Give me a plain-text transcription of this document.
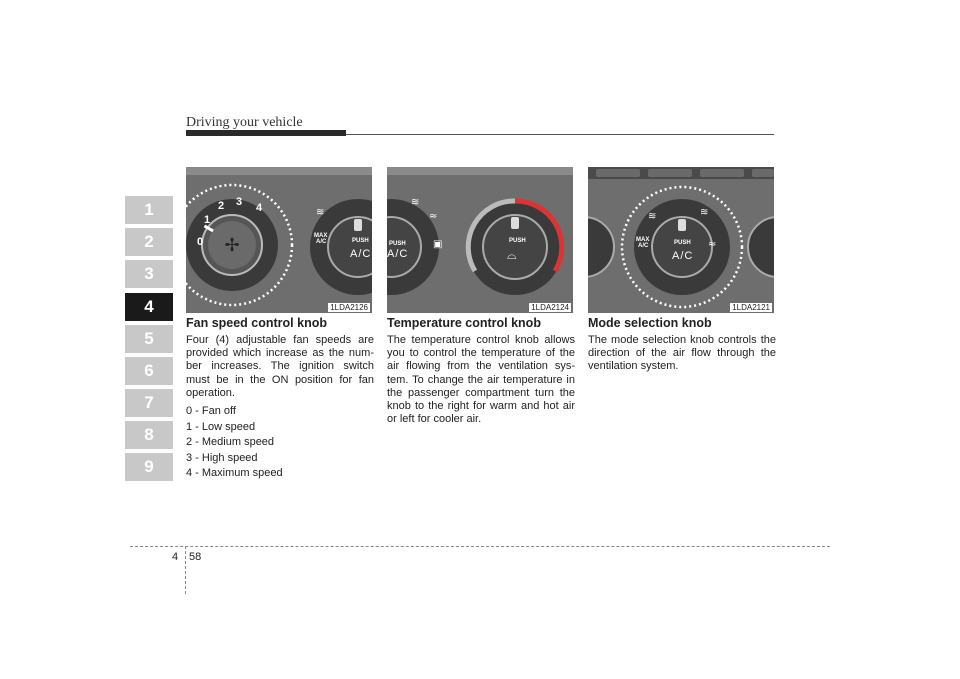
Driving your vehicle
1
2
3
4
5
6
7
8
9
✢
0
1
2 3 4	≋
MAX
A/C	PUSH
A/C
1LDA2126
≋
≈
▣
PUSH
A/C
PUSH
⌓
1LDA2124
≋	≋
≈
MAX
A/C	PUSH
A/C
1LDA2121
Fan speed control knob

Four (4) adjustable fan speeds are provided which increase as the num-ber increases. The ignition switch must be in the ON position for fan operation.

0 - Fan off
1 - Low speed
2 - Medium speed
3 - High speed
4 - Maximum speed
Temperature control knob

The temperature control knob allows you to control the temperature of the air flowing from the ventilation sys-tem. To change the air temperature in the passenger compartment turn the knob to the right for warm and hot air or left for cooler air.

Mode selection knob

The mode selection knob controls the direction of the air flow through the ventilation system.

4 58
